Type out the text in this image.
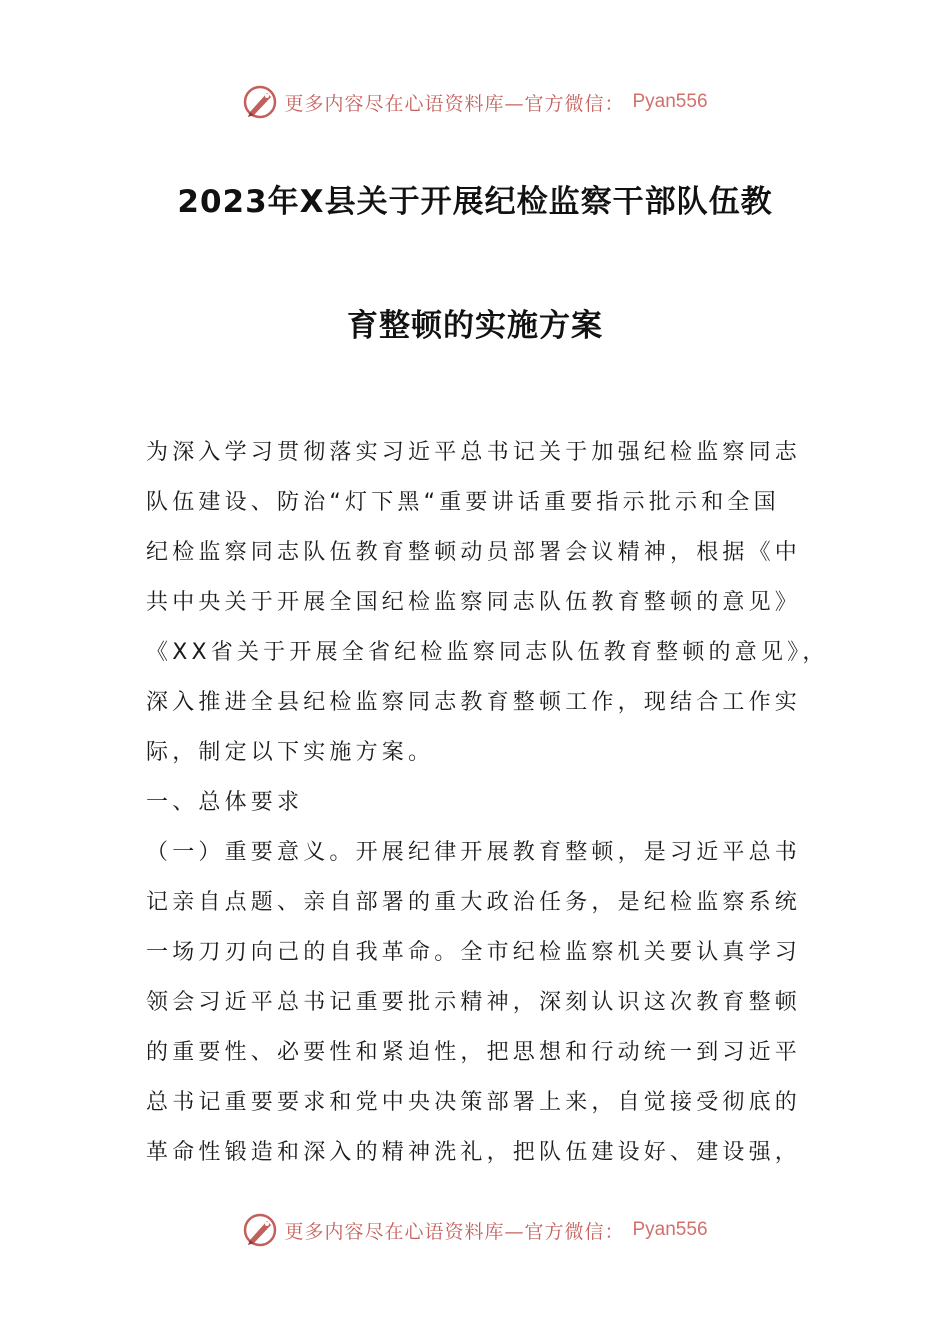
更多内容尽在心语资料库—官方微信： Pyan556
2023年X县关于开展纪检监察干部队伍教
育整顿的实施方案
为深入学习贯彻落实习近平总书记关于加强纪检监察同志
队伍建设、防治“灯下黑“重要讲话重要指示批示和全国
纪检监察同志队伍教育整顿动员部署会议精神，根据《中
共中央关于开展全国纪检监察同志队伍教育整顿的意见》
《XX省关于开展全省纪检监察同志队伍教育整顿的意见》，
深入推进全县纪检监察同志教育整顿工作，现结合工作实
际，制定以下实施方案。
一、总体要求
（一）重要意义。开展纪律开展教育整顿，是习近平总书
记亲自点题、亲自部署的重大政治任务，是纪检监察系统
一场刀刃向己的自我革命。全市纪检监察机关要认真学习
领会习近平总书记重要批示精神，深刻认识这次教育整顿
的重要性、必要性和紧迫性，把思想和行动统一到习近平
总书记重要要求和党中央决策部署上来，自觉接受彻底的
革命性锻造和深入的精神洗礼，把队伍建设好、建设强，
更多内容尽在心语资料库—官方微信： Pyan556
